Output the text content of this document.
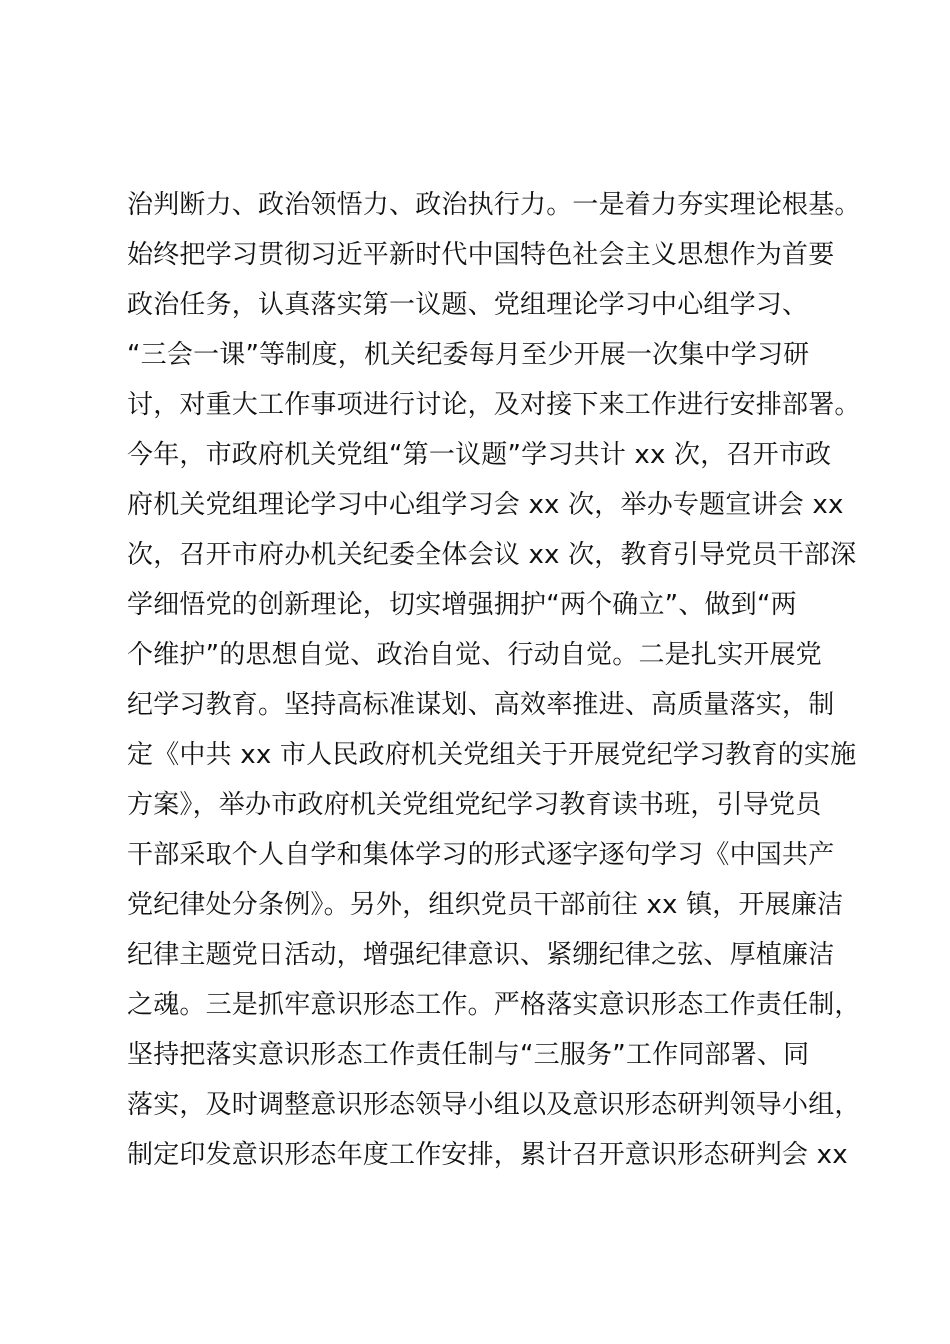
治判断力、政治领悟力、政治执行力。一是着力夯实理论根基。
始终把学习贯彻习近平新时代中国特色社会主义思想作为首要
政治任务，认真落实第一议题、党组理论学习中心组学习、
“三会一课”等制度，机关纪委每月至少开展一次集中学习研
讨，对重大工作事项进行讨论，及对接下来工作进行安排部署。
今年，市政府机关党组“第一议题”学习共计 xx 次，召开市政
府机关党组理论学习中心组学习会 xx 次，举办专题宣讲会 xx
次，召开市府办机关纪委全体会议 xx 次，教育引导党员干部深
学细悟党的创新理论，切实增强拥护“两个确立”、做到“两
个维护”的思想自觉、政治自觉、行动自觉。二是扎实开展党
纪学习教育。坚持高标准谋划、高效率推进、高质量落实，制
定《中共 xx 市人民政府机关党组关于开展党纪学习教育的实施
方案》，举办市政府机关党组党纪学习教育读书班，引导党员
干部采取个人自学和集体学习的形式逐字逐句学习《中国共产
党纪律处分条例》。另外，组织党员干部前往 xx 镇，开展廉洁
纪律主题党日活动，增强纪律意识、紧绷纪律之弦、厚植廉洁
之魂。三是抓牢意识形态工作。严格落实意识形态工作责任制，
坚持把落实意识形态工作责任制与“三服务”工作同部署、同
落实，及时调整意识形态领导小组以及意识形态研判领导小组，
制定印发意识形态年度工作安排，累计召开意识形态研判会 xx
